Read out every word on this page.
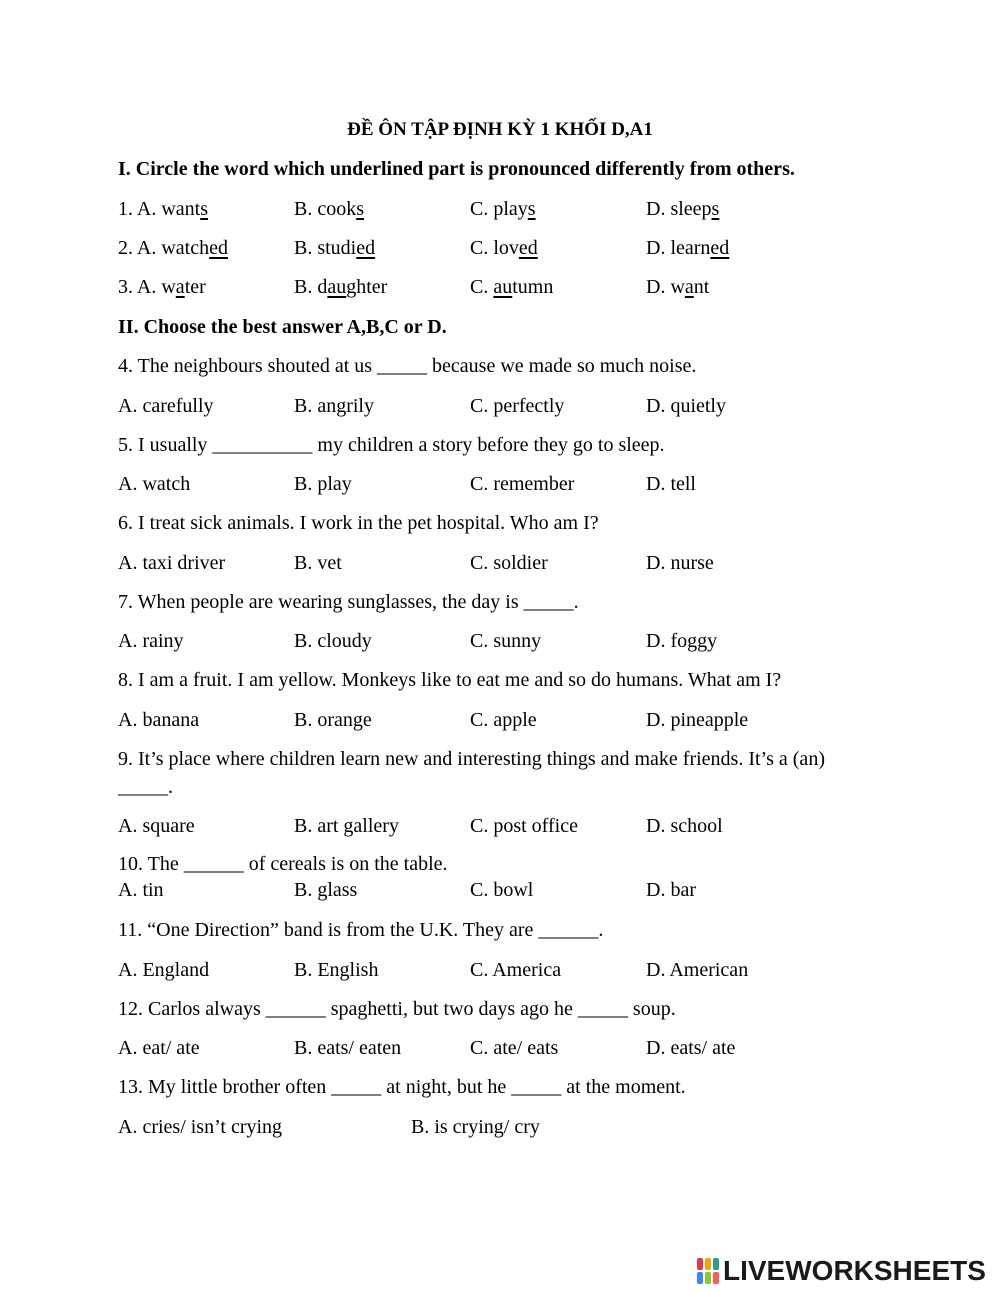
ĐỀ ÔN TẬP ĐỊNH KỲ 1 KHỐI D,A1
I. Circle the word which underlined part is pronounced differently from others.
1. A. wants	B. cooks	C. plays	D. sleeps
2. A. watched	B. studied	C. loved	D. learned
3. A. water	B. daughter	C. autumn	D. want
II. Choose the best answer A,B,C or D.
4. The neighbours shouted at us _____ because we made so much noise.
A. carefully	B. angrily	C. perfectly	D. quietly
5. I usually __________ my children a story before they go to sleep.
A. watch	B. play	C. remember	D. tell
6. I treat sick animals. I work in the pet hospital. Who am I?
A. taxi driver	B. vet	C. soldier	D. nurse
7. When people are wearing sunglasses, the day is _____.
A. rainy	B. cloudy	C. sunny	D. foggy
8. I am a fruit. I am yellow. Monkeys like to eat me and so do humans. What am I?
A. banana	B. orange	C. apple	D. pineapple
9. It’s place where children learn new and interesting things and make friends. It’s a (an)
_____.
A. square	B. art gallery	C. post office	D. school
10. The ______ of cereals is on the table.
A. tin	B. glass	C. bowl	D. bar
11. “One Direction” band is from the U.K. They are ______.
A. England	B. English	C. America	D. American
12. Carlos always ______ spaghetti, but two days ago he _____ soup.
A. eat/ ate	B. eats/ eaten	C. ate/ eats	D. eats/ ate
13. My little brother often _____ at night, but he _____ at the moment.
A. cries/ isn’t crying	B. is crying/ cry
LIVEWORKSHEETS
